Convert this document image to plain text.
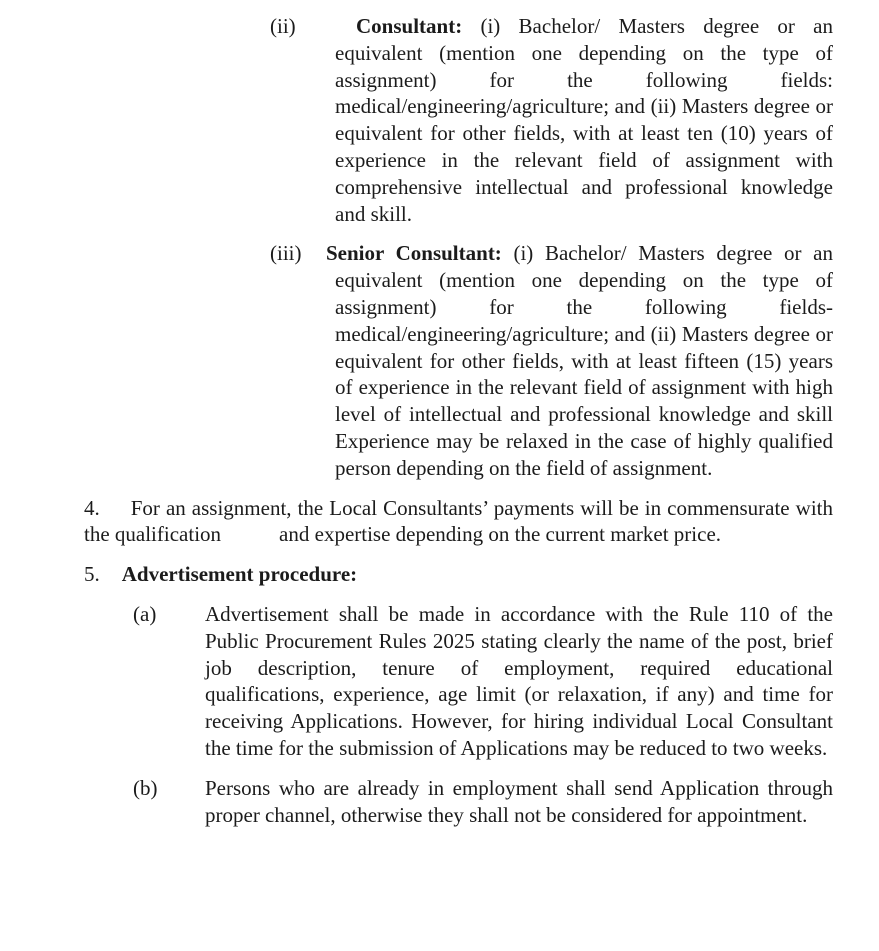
(ii)	Consultant: (i) Bachelor/ Masters degree or an equivalent (mention one depending on the type of assignment) for the following fields: medical/engineering/agriculture; and (ii) Masters degree or equivalent for other fields, with at least ten (10) years of experience in the relevant field of assignment with comprehensive intellectual and professional knowledge and skill.
(iii)	Senior Consultant: (i) Bachelor/ Masters degree or an equivalent (mention one depending on the type of assignment) for the following fields-medical/engineering/agriculture; and (ii) Masters degree or equivalent for other fields, with at least fifteen (15) years of experience in the relevant field of assignment with high level of intellectual and professional knowledge and skill Experience may be relaxed in the case of highly qualified person depending on the field of assignment.

4. For an assignment, the Local Consultants’ payments will be in commensurate with the qualification	and expertise depending on the current market price.

5. Advertisement procedure:

(a)	Advertisement shall be made in accordance with the Rule 110 of the Public Procurement Rules 2025 stating clearly the name of the post, brief job description, tenure of employment, required educational qualifications, experience, age limit (or relaxation, if any) and time for receiving Applications. However, for hiring individual Local Consultant the time for the submission of Applications may be reduced to two weeks.
(b)	Persons who are already in employment shall send Application through proper channel, otherwise they shall not be considered for appointment.
